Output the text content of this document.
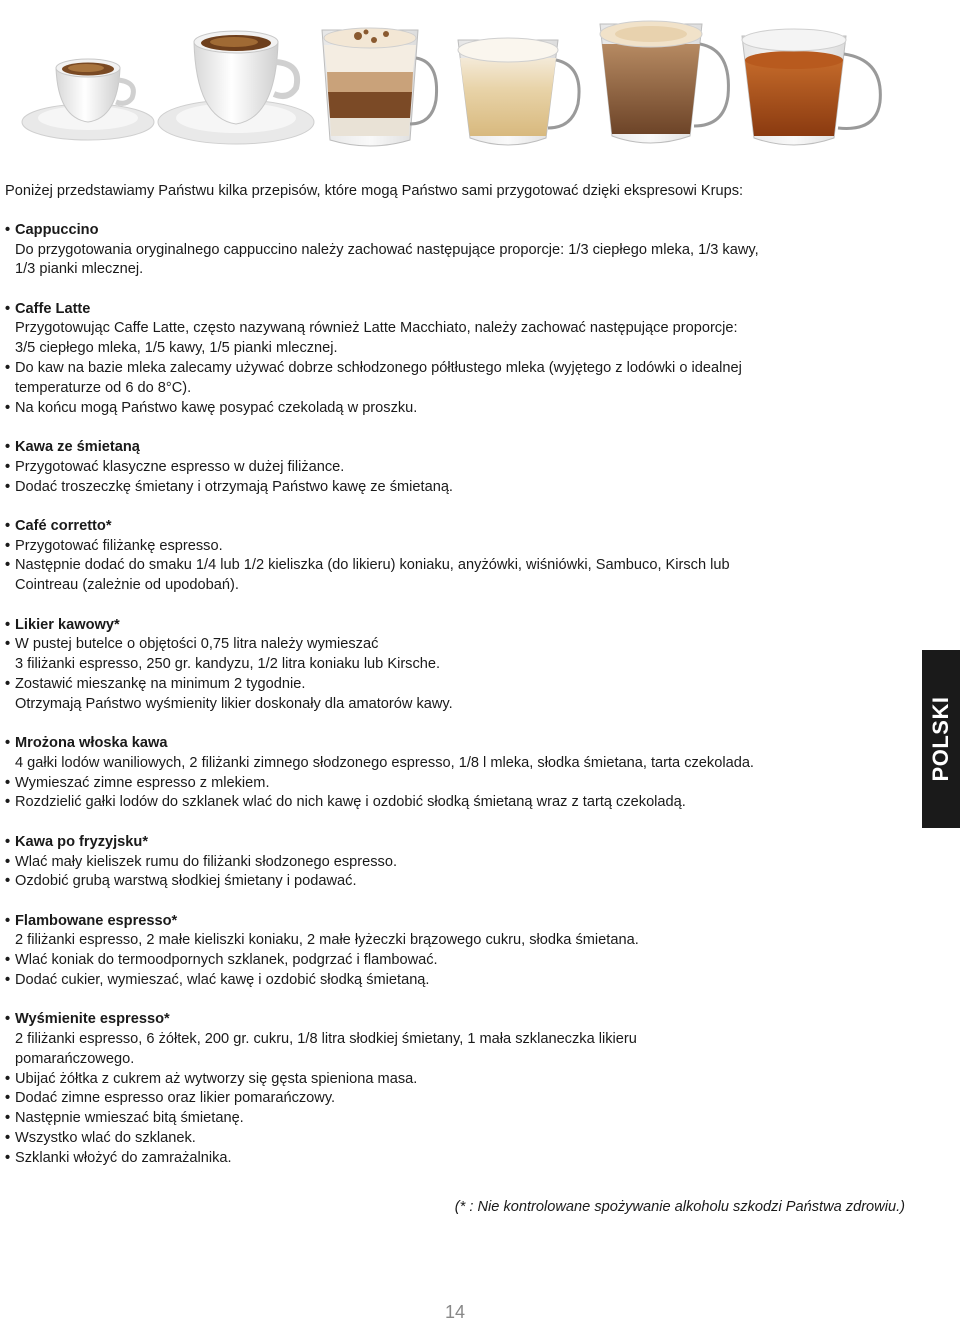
Poniżej przedstawiamy Państwu kilka przepisów, które mogą Państwo sami przygotować dzięki ekspresowi Krups:
• Cappuccino
Do przygotowania oryginalnego cappuccino należy zachować następujące proporcje: 1/3 ciepłego mleka, 1/3 kawy,
1/3 pianki mlecznej.
• Caffe Latte
Przygotowując Caffe Latte, często nazywaną również Latte Macchiato, należy zachować następujące proporcje:
3/5 ciepłego mleka, 1/5 kawy, 1/5 pianki mlecznej.
• Do kaw na bazie mleka zalecamy używać dobrze schłodzonego półtłustego mleka (wyjętego z lodówki o idealnej
temperaturze od 6 do 8°C).
• Na końcu mogą Państwo kawę posypać czekoladą w proszku.
• Kawa ze śmietaną
• Przygotować klasyczne espresso w dużej filiżance.
• Dodać troszeczkę śmietany i otrzymają Państwo kawę ze śmietaną.
• Café corretto*
• Przygotować filiżankę espresso.
• Następnie dodać do smaku 1/4 lub 1/2 kieliszka (do likieru) koniaku, anyżówki, wiśniówki, Sambuco, Kirsch lub
Cointreau (zależnie od upodobań).
• Likier kawowy*
• W pustej butelce o objętości 0,75 litra należy wymieszać
3 filiżanki espresso, 250 gr. kandyzu, 1/2 litra koniaku lub Kirsche.
• Zostawić mieszankę na minimum 2 tygodnie.
Otrzymają Państwo wyśmienity likier doskonały dla amatorów kawy.
• Mrożona włoska kawa
4 gałki lodów waniliowych, 2 filiżanki zimnego słodzonego espresso, 1/8 l mleka, słodka śmietana, tarta czekolada.
• Wymieszać zimne espresso z mlekiem.
• Rozdzielić gałki lodów do szklanek wlać do nich kawę i ozdobić słodką śmietaną wraz z tartą czekoladą.
• Kawa po fryzyjsku*
• Wlać mały kieliszek rumu do filiżanki słodzonego espresso.
• Ozdobić grubą warstwą słodkiej śmietany i podawać.
• Flambowane espresso*
2 filiżanki espresso, 2 małe kieliszki koniaku, 2 małe łyżeczki brązowego cukru, słodka śmietana.
• Wlać koniak do termoodpornych szklanek, podgrzać i flambować.
• Dodać cukier, wymieszać, wlać kawę i ozdobić słodką śmietaną.
• Wyśmienite espresso*
2 filiżanki espresso, 6 żółtek, 200 gr. cukru, 1/8 litra słodkiej śmietany, 1 mała szklaneczka likieru
pomarańczowego.
• Ubijać żółtka z cukrem aż wytworzy się gęsta spieniona masa.
• Dodać zimne espresso oraz likier pomarańczowy.
• Następnie wmieszać bitą śmietanę.
• Wszystko wlać do szklanek.
• Szklanki włożyć do zamrażalnika.
(* : Nie kontrolowane spożywanie alkoholu szkodzi Państwa zdrowiu.)
14
POLSKI
